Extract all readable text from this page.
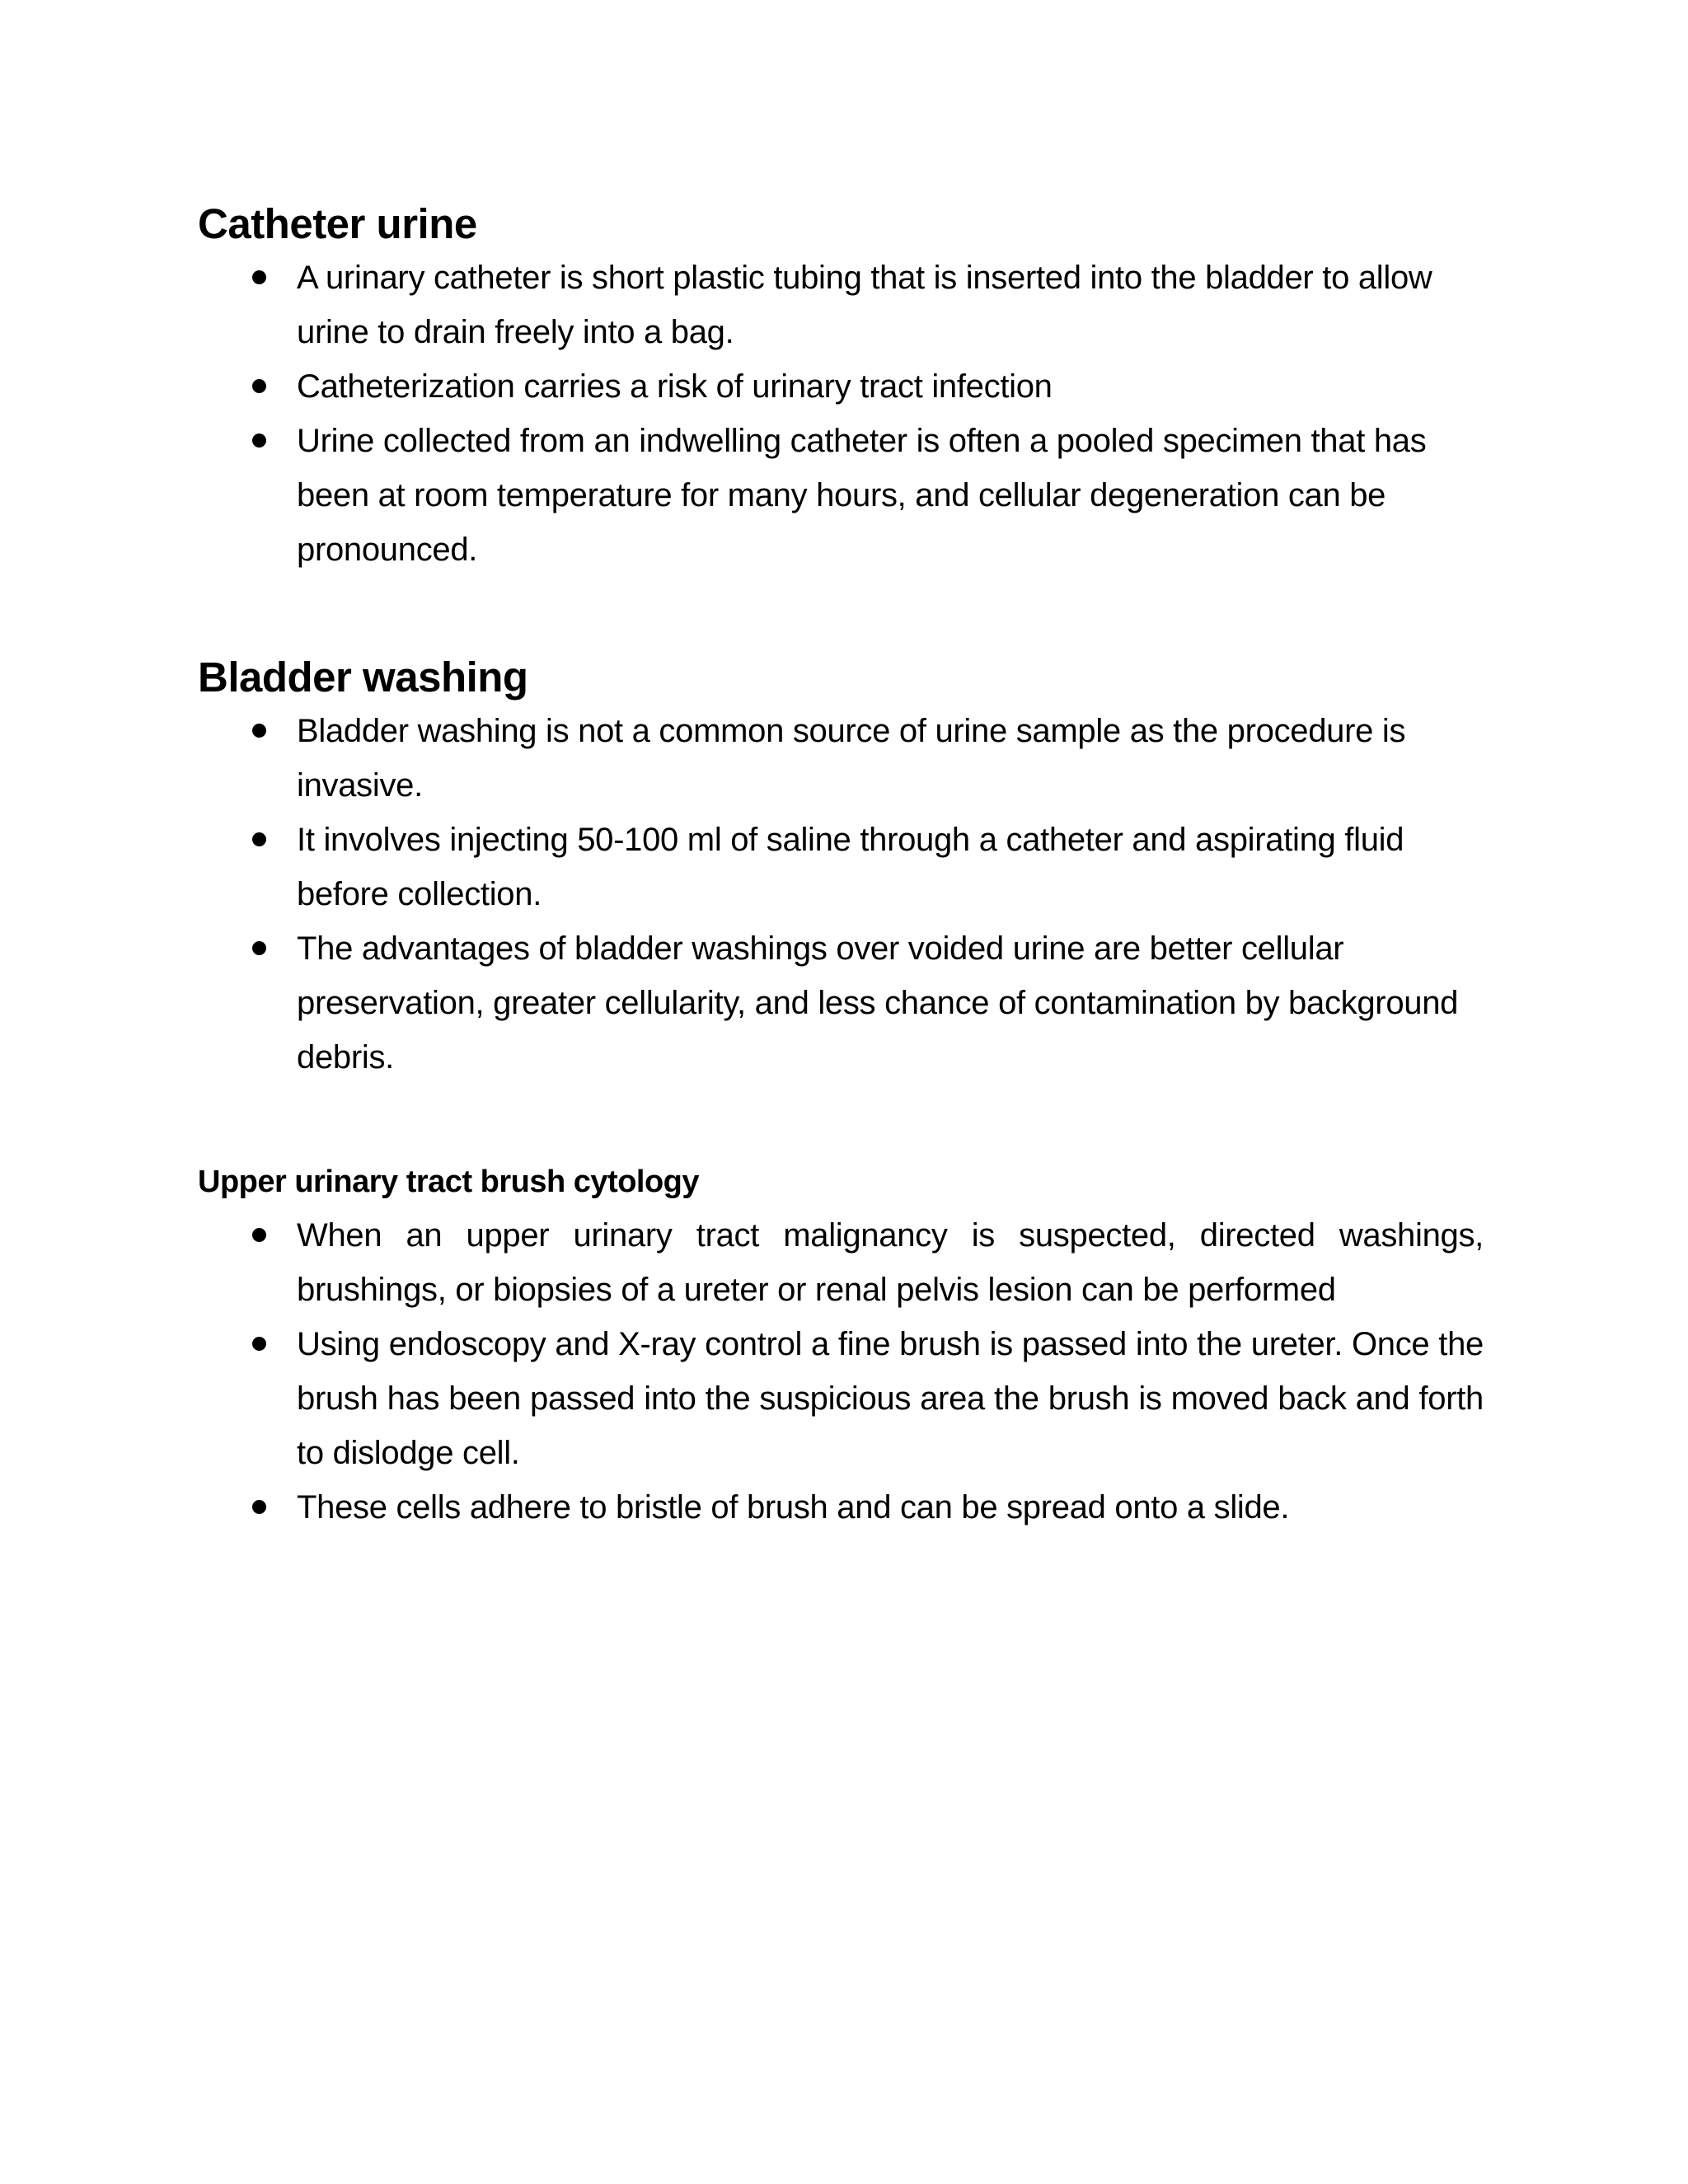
Catheter urine
A urinary catheter is short plastic tubing that is inserted into the bladder to allow urine to drain freely into a bag.
Catheterization carries a risk of urinary tract infection
Urine collected from an indwelling catheter is often a pooled specimen that has been at room temperature for many hours, and cellular degeneration can be pronounced.
Bladder washing
Bladder washing is not a common source of urine sample as the procedure is invasive.
It involves injecting 50-100 ml of saline through a catheter and aspirating fluid before collection.
The advantages of bladder washings over voided urine are better cellular preservation, greater cellularity, and less chance of contamination by background debris.
Upper urinary tract brush cytology
When an upper urinary tract malignancy is suspected, directed washings, brushings, or biopsies of a ureter or renal pelvis lesion can be performed
Using endoscopy and X-ray control a fine brush is passed into the ureter. Once the brush has been passed into the suspicious area the brush is moved back and forth to dislodge cell.
These cells adhere to bristle of brush and can be spread onto a slide.
